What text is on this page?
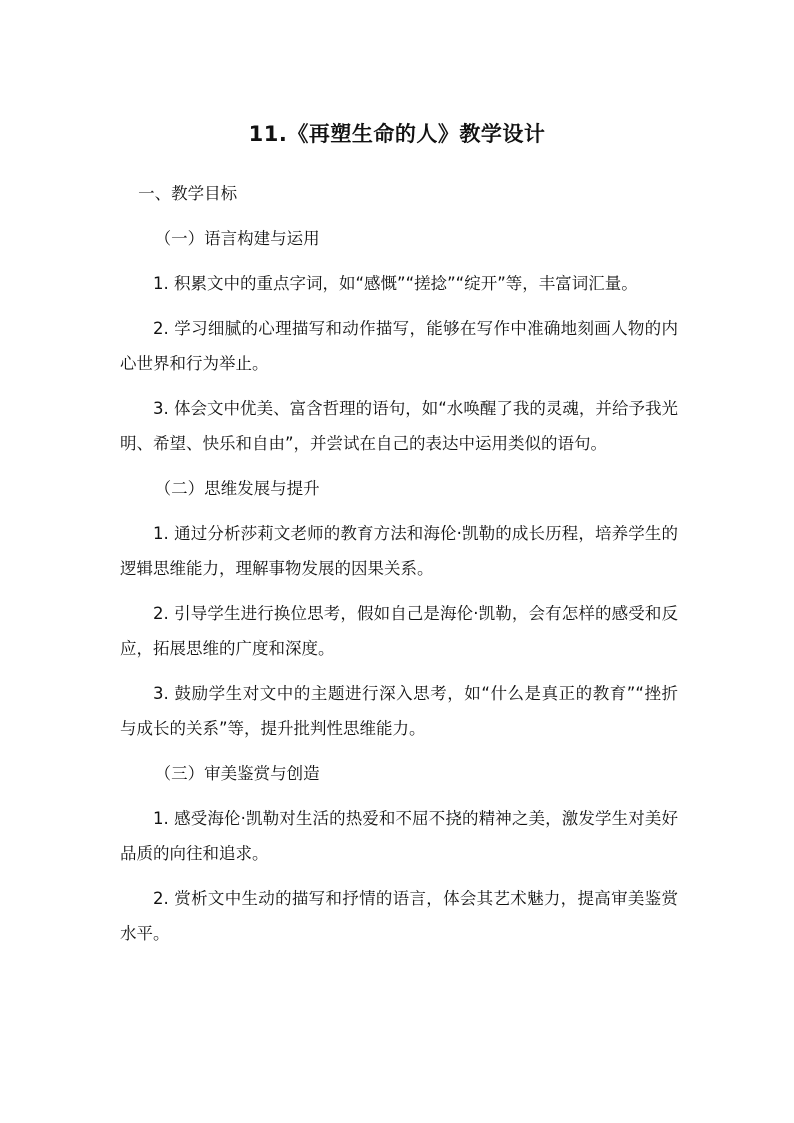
11.《再塑生命的人》教学设计

一、教学目标

（一）语言构建与运用

1. 积累文中的重点字词，如“感慨”“搓捻”“绽开”等，丰富词汇量。

2. 学习细腻的心理描写和动作描写，能够在写作中准确地刻画人物的内心世界和行为举止。

3. 体会文中优美、富含哲理的语句，如“水唤醒了我的灵魂，并给予我光明、希望、快乐和自由”，并尝试在自己的表达中运用类似的语句。

（二）思维发展与提升

1. 通过分析莎莉文老师的教育方法和海伦·凯勒的成长历程，培养学生的逻辑思维能力，理解事物发展的因果关系。

2. 引导学生进行换位思考，假如自己是海伦·凯勒，会有怎样的感受和反应，拓展思维的广度和深度。

3. 鼓励学生对文中的主题进行深入思考，如“什么是真正的教育”“挫折与成长的关系”等，提升批判性思维能力。

（三）审美鉴赏与创造

1. 感受海伦·凯勒对生活的热爱和不屈不挠的精神之美，激发学生对美好品质的向往和追求。

2. 赏析文中生动的描写和抒情的语言，体会其艺术魅力，提高审美鉴赏水平。
